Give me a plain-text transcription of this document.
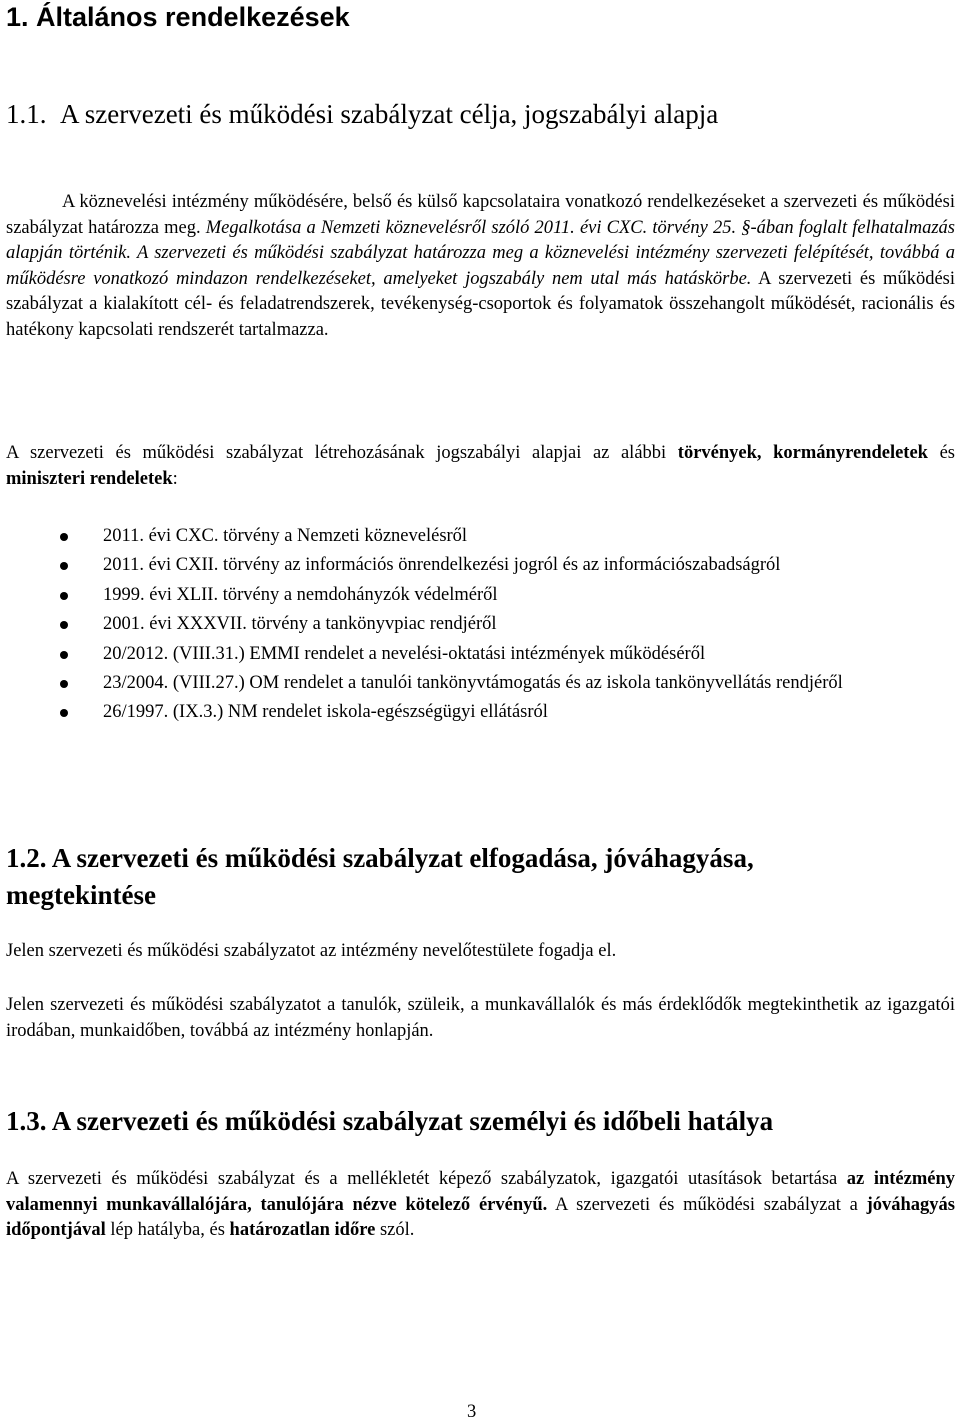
1. Általános rendelkezések
1.1. A szervezeti és működési szabályzat célja, jogszabályi alapja

A köznevelési intézmény működésére, belső és külső kapcsolataira vonatkozó rendelkezéseket a szervezeti és működési szabályzat határozza meg. Megalkotása a Nemzeti köznevelésről szóló 2011. évi CXC. törvény 25. §-ában foglalt felhatalmazás alapján történik. A szervezeti és működési szabályzat határozza meg a köznevelési intézmény szervezeti felépítését, továbbá a működésre vonatkozó mindazon rendelkezéseket, amelyeket jogszabály nem utal más hatáskörbe. A szervezeti és működési szabályzat a kialakított cél- és feladatrendszerek, tevékenység-csoportok és folyamatok összehangolt működését, racionális és hatékony kapcsolati rendszerét tartalmazza.

A szervezeti és működési szabályzat létrehozásának jogszabályi alapjai az alábbi törvények, kormányrendeletek és miniszteri rendeletek:

2011. évi CXC. törvény a Nemzeti köznevelésről
2011. évi CXII. törvény az információs önrendelkezési jogról és az információszabadságról
1999. évi XLII. törvény a nemdohányzók védelméről
2001. évi XXXVII. törvény a tankönyvpiac rendjéről
20/2012. (VIII.31.) EMMI rendelet a nevelési-oktatási intézmények működéséről
23/2004. (VIII.27.) OM rendelet a tanulói tankönyvtámogatás és az iskola tankönyvellátás rendjéről
26/1997. (IX.3.) NM rendelet iskola-egészségügyi ellátásról
1.2. A szervezeti és működési szabályzat elfogadása, jóváhagyása, megtekintése

Jelen szervezeti és működési szabályzatot az intézmény nevelőtestülete fogadja el.

Jelen szervezeti és működési szabályzatot a tanulók, szüleik, a munkavállalók és más érdeklődők megtekinthetik az igazgatói irodában, munkaidőben, továbbá az intézmény honlapján.

1.3. A szervezeti és működési szabályzat személyi és időbeli hatálya

A szervezeti és működési szabályzat és a mellékletét képező szabályzatok, igazgatói utasítások betartása az intézmény valamennyi munkavállalójára, tanulójára nézve kötelező érvényű. A szervezeti és működési szabályzat a jóváhagyás időpontjával lép hatályba, és határozatlan időre szól.

3
